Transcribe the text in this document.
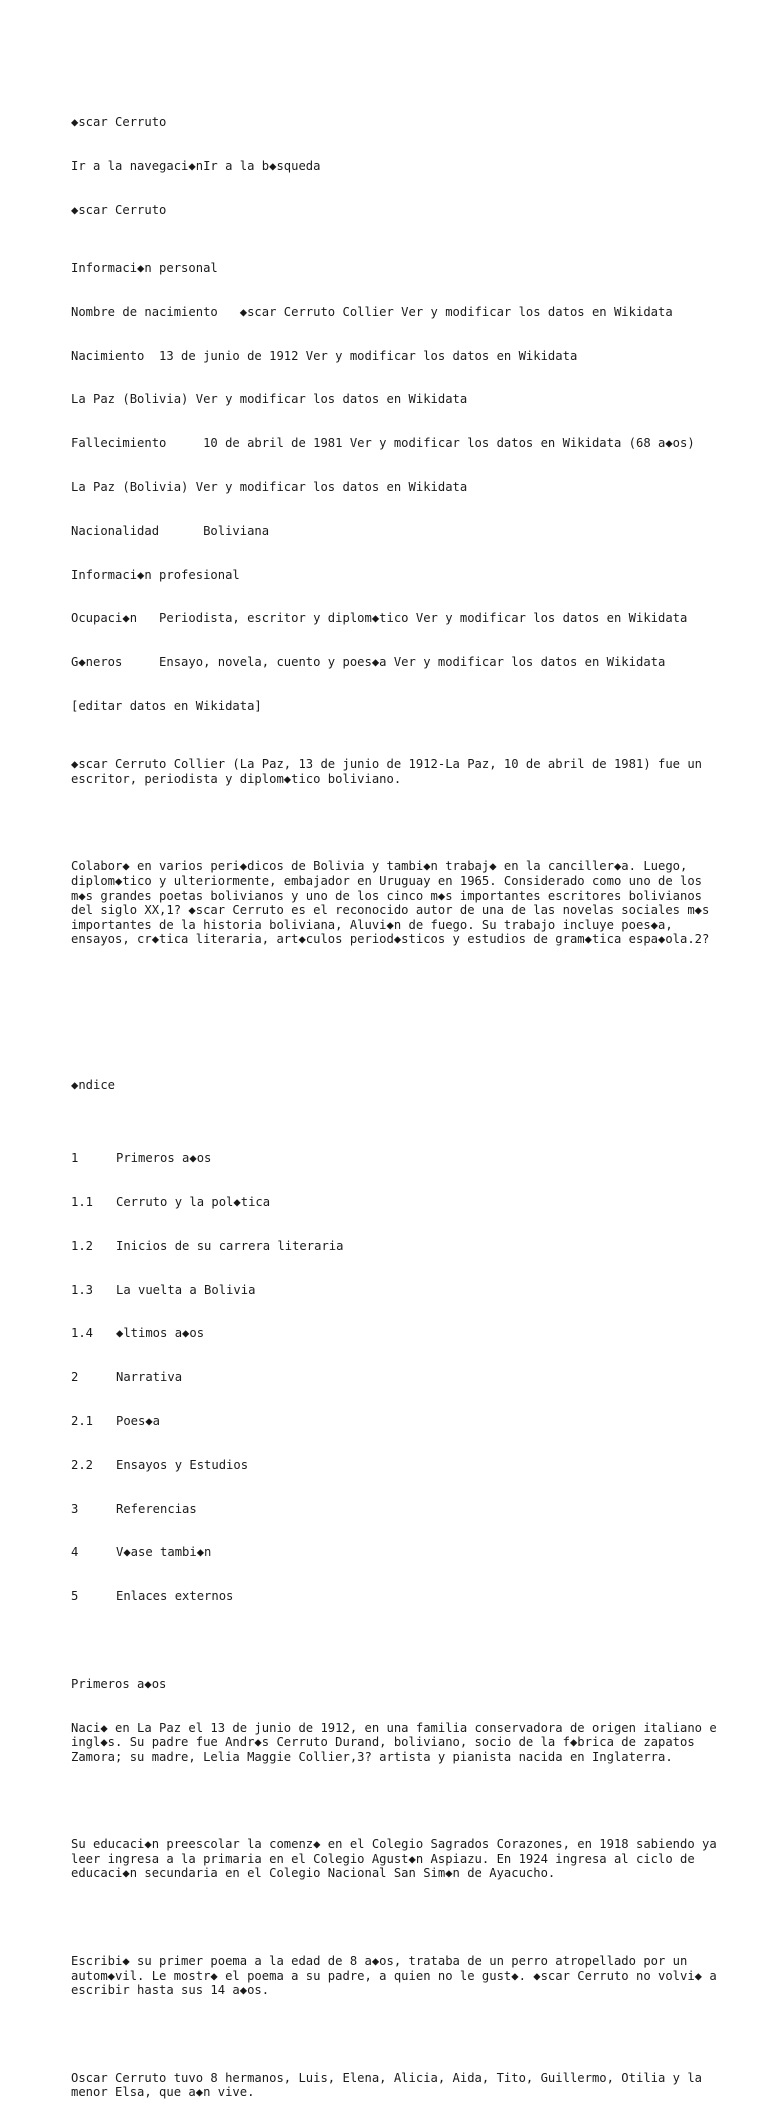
◆scar Cerruto

Ir a la navegaci◆nIr a la b◆squeda

◆scar Cerruto

Informaci◆n personal

Nombre de nacimiento   ◆scar Cerruto Collier Ver y modificar los datos en Wikidata

Nacimiento  13 de junio de 1912 Ver y modificar los datos en Wikidata

La Paz (Bolivia) Ver y modificar los datos en Wikidata

Fallecimiento     10 de abril de 1981 Ver y modificar los datos en Wikidata (68 a◆os)

La Paz (Bolivia) Ver y modificar los datos en Wikidata

Nacionalidad      Boliviana

Informaci◆n profesional

Ocupaci◆n   Periodista, escritor y diplom◆tico Ver y modificar los datos en Wikidata

G◆neros     Ensayo, novela, cuento y poes◆a Ver y modificar los datos en Wikidata

[editar datos en Wikidata]

◆scar Cerruto Collier (La Paz, 13 de junio de 1912-La Paz, 10 de abril de 1981) fue un escritor, periodista y diplom◆tico boliviano.

Colabor◆ en varios peri◆dicos de Bolivia y tambi◆n trabaj◆ en la canciller◆a. Luego, diplom◆tico y ulteriormente, embajador en Uruguay en 1965. Considerado como uno de los m◆s grandes poetas bolivianos y uno de los cinco m◆s importantes escritores bolivianos del siglo XX,1? ◆scar Cerruto es el reconocido autor de una de las novelas sociales m◆s importantes de la historia boliviana, Aluvi◆n de fuego. Su trabajo incluye poes◆a, ensayos, cr◆tica literaria, art◆culos period◆sticos y estudios de gram◆tica espa◆ola.2?

◆ndice

1	Primeros a◆os

1.1 Cerruto y la pol◆tica

1.2 Inicios de su carrera literaria

1.3 La vuelta a Bolivia

1.4 ◆ltimos a◆os

2	Narrativa

2.1 Poes◆a

2.2 Ensayos y Estudios

3	Referencias

4	V◆ase tambi◆n

5	Enlaces externos

Primeros a◆os

Naci◆ en La Paz el 13 de junio de 1912, en una familia conservadora de origen italiano e ingl◆s. Su padre fue Andr◆s Cerruto Durand, boliviano, socio de la f◆brica de zapatos Zamora; su madre, Lelia Maggie Collier,3? artista y pianista nacida en Inglaterra.

Su educaci◆n preescolar la comenz◆ en el Colegio Sagrados Corazones, en 1918 sabiendo ya leer ingresa a la primaria en el Colegio Agust◆n Aspiazu. En 1924 ingresa al ciclo de educaci◆n secundaria en el Colegio Nacional San Sim◆n de Ayacucho.

Escribi◆ su primer poema a la edad de 8 a◆os, trataba de un perro atropellado por un autom◆vil. Le mostr◆ el poema a su padre, a quien no le gust◆. ◆scar Cerruto no volvi◆ a escribir hasta sus 14 a◆os.

Oscar Cerruto tuvo 8 hermanos, Luis, Elena, Alicia, Aida, Tito, Guillermo, Otilia y la menor Elsa, que a◆n vive.
